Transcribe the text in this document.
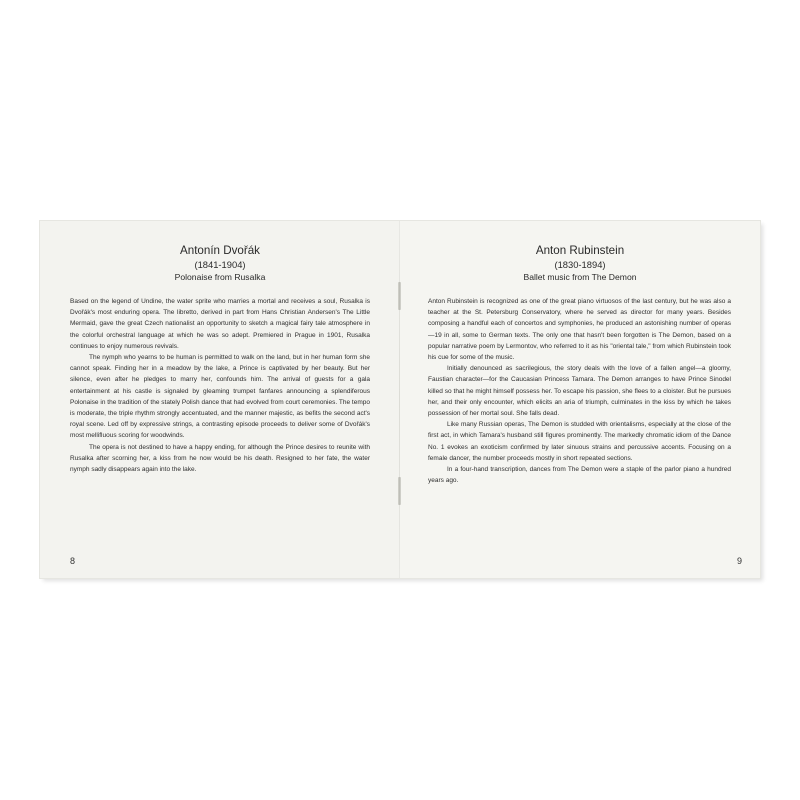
Antonín Dvořák
(1841-1904)
Polonaise from Rusalka

Based on the legend of Undine, the water sprite who marries a mortal and receives a soul, Rusalka is Dvořák's most enduring opera. The libretto, derived in part from Hans Christian Andersen's The Little Mermaid, gave the great Czech nationalist an opportunity to sketch a magical fairy tale atmosphere in the colorful orchestral language at which he was so adept. Premiered in Prague in 1901, Rusalka continues to enjoy numerous revivals.

The nymph who yearns to be human is permitted to walk on the land, but in her human form she cannot speak. Finding her in a meadow by the lake, a Prince is captivated by her beauty. But her silence, even after he pledges to marry her, confounds him. The arrival of guests for a gala entertainment at his castle is signaled by gleaming trumpet fanfares announcing a splendiferous Polonaise in the tradition of the stately Polish dance that had evolved from court ceremonies. The tempo is moderate, the triple rhythm strongly accentuated, and the manner majestic, as befits the second act's royal scene. Led off by expressive strings, a contrasting episode proceeds to deliver some of Dvořák's most mellifluous scoring for woodwinds.

The opera is not destined to have a happy ending, for although the Prince desires to reunite with Rusalka after scorning her, a kiss from he now would be his death. Resigned to her fate, the water nymph sadly disappears again into the lake.

8
Anton Rubinstein
(1830-1894)
Ballet music from The Demon

Anton Rubinstein is recognized as one of the great piano virtuosos of the last century, but he was also a teacher at the St. Petersburg Conservatory, where he served as director for many years. Besides composing a handful each of concertos and symphonies, he produced an astonishing number of operas—19 in all, some to German texts. The only one that hasn't been forgotten is The Demon, based on a popular narrative poem by Lermontov, who referred to it as his "oriental tale," from which Rubinstein took his cue for some of the music.

Initially denounced as sacrilegious, the story deals with the love of a fallen angel—a gloomy, Faustian character—for the Caucasian Princess Tamara. The Demon arranges to have Prince Sinodel killed so that he might himself possess her. To escape his passion, she flees to a cloister. But he pursues her, and their only encounter, which elicits an aria of triumph, culminates in the kiss by which he takes possession of her mortal soul. She falls dead.

Like many Russian operas, The Demon is studded with orientalisms, especially at the close of the first act, in which Tamara's husband still figures prominently. The markedly chromatic idiom of the Dance No. 1 evokes an exoticism confirmed by later sinuous strains and percussive accents. Focusing on a female dancer, the number proceeds mostly in short repeated sections.

In a four-hand transcription, dances from The Demon were a staple of the parlor piano a hundred years ago.

9
